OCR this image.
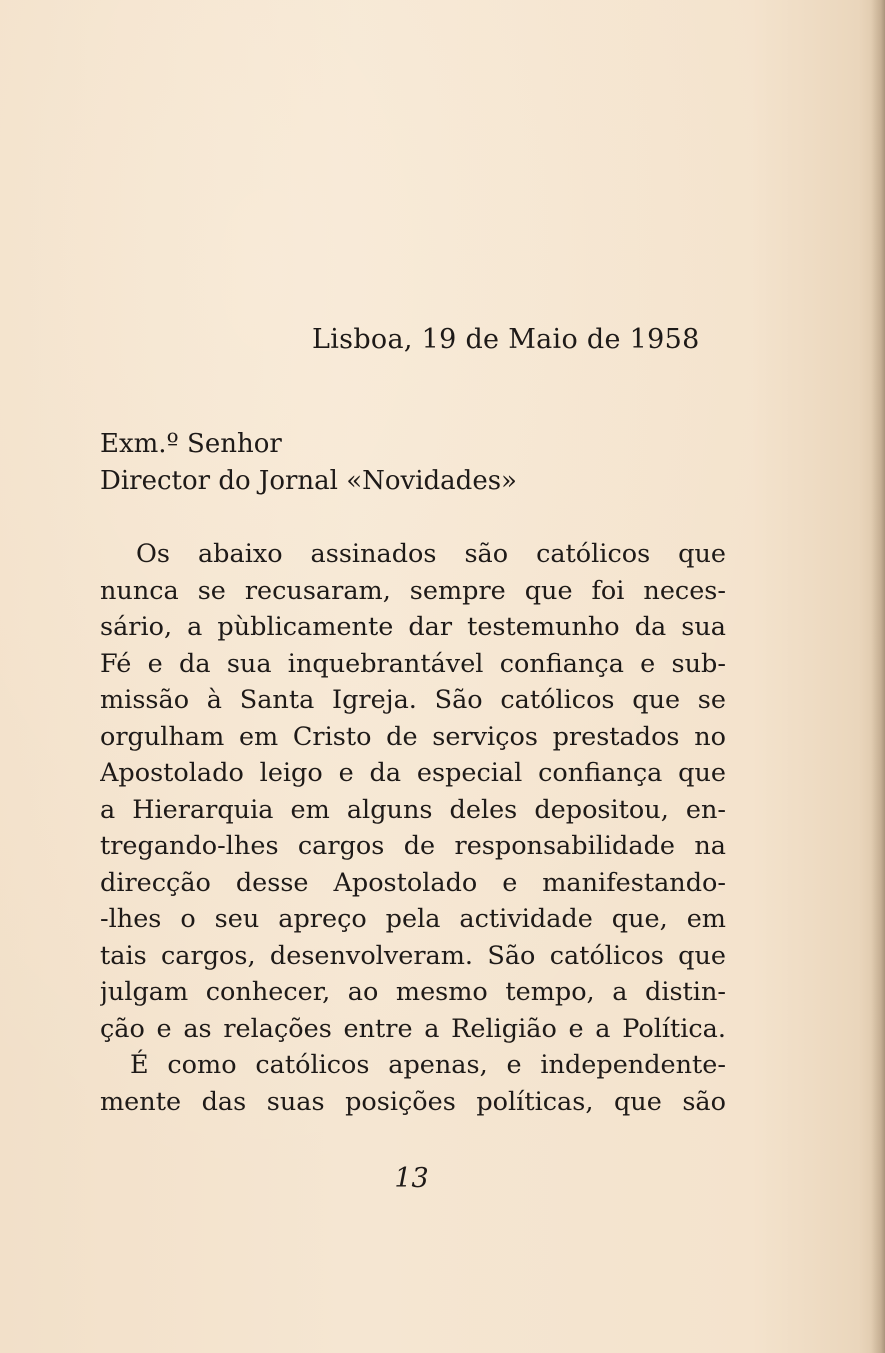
Lisboa, 19 de Maio de 1958
Exm.º Senhor
Director do Jornal «Novidades»
Os abaixo assinados são católicos que
nunca se recusaram, sempre que foi neces-
sário, a pùblicamente dar testemunho da sua
Fé e da sua inquebrantável confiança e sub-
missão à Santa Igreja. São católicos que se
orgulham em Cristo de serviços prestados no
Apostolado leigo e da especial confiança que
a Hierarquia em alguns deles depositou, en-
tregando-lhes cargos de responsabilidade na
direcção desse Apostolado e manifestando-
-lhes o seu apreço pela actividade que, em
tais cargos, desenvolveram. São católicos que
julgam conhecer, ao mesmo tempo, a distin-
ção e as relações entre a Religião e a Política.
É como católicos apenas, e independente-
mente das suas posições políticas, que são
13
